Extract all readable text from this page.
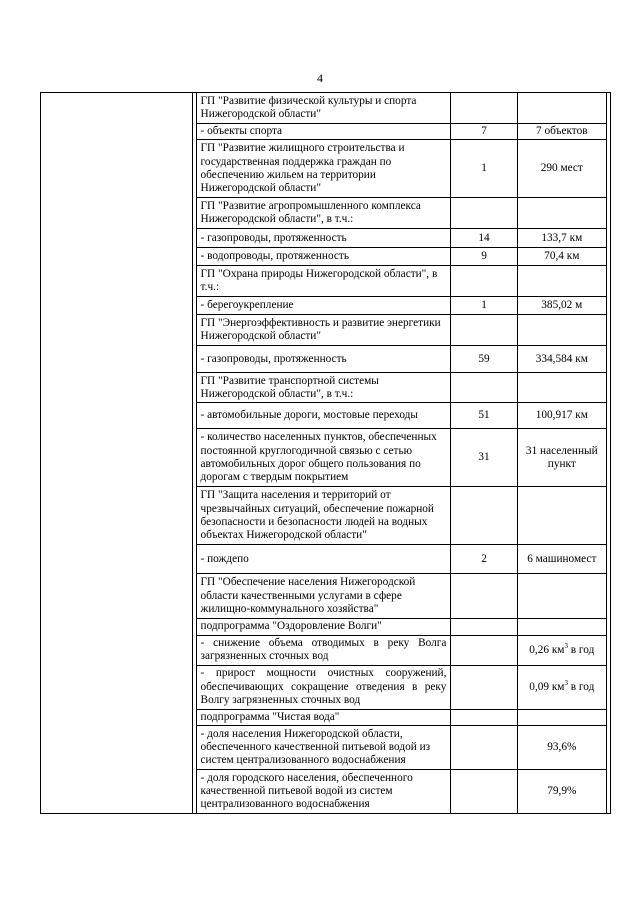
4
		ГП "Развитие физической культуры и спорта Нижегородской области"			
		- объекты спорта	7	7 объектов	
		ГП "Развитие жилищного строительства и государственная поддержка граждан по обеспечению жильем на территории Нижегородской области"	1	290 мест	
		ГП "Развитие агропромышленного комплекса Нижегородской области", в т.ч.:			
		- газопроводы, протяженность	14	133,7 км	
		- водопроводы, протяженность	9	70,4 км	
		ГП "Охрана природы Нижегородской области", в т.ч.:			
		- берегоукрепление	1	385,02 м	
		ГП "Энергоэффективность и развитие энергетики Нижегородской области"			
		- газопроводы, протяженность	59	334,584 км	
		ГП "Развитие транспортной системы Нижегородской области", в т.ч.:			
		- автомобильные дороги, мостовые переходы	51	100,917 км	
		- количество населенных пунктов, обеспеченных постоянной круглогодичной связью с сетью автомобильных дорог общего пользования по дорогам с твердым покрытием	31	31 населенный пункт	
		ГП "Защита населения и территорий от чрезвычайных ситуаций, обеспечение пожарной безопасности и безопасности людей на водных объектах Нижегородской области"			
		- пождепо	2	6 машиномест	
		ГП "Обеспечение населения Нижегородской области качественными услугами в сфере жилищно-коммунального хозяйства"			
		подпрограмма "Оздоровление Волги"			
		- снижение объема отводимых в реку Волга загрязненных сточных вод		0,26 $км^3$ в год	
		- прирост мощности очистных сооружений, обеспечивающих сокращение отведения в реку Волгу загрязненных сточных вод		0,09 $км^3$ в год	
		подпрограмма "Чистая вода"			
		- доля населения Нижегородской области, обеспеченного качественной питьевой водой из систем централизованного водоснабжения		93,6%	
		- доля городского населения, обеспеченного качественной питьевой водой из систем централизованного водоснабжения		79,9%	
